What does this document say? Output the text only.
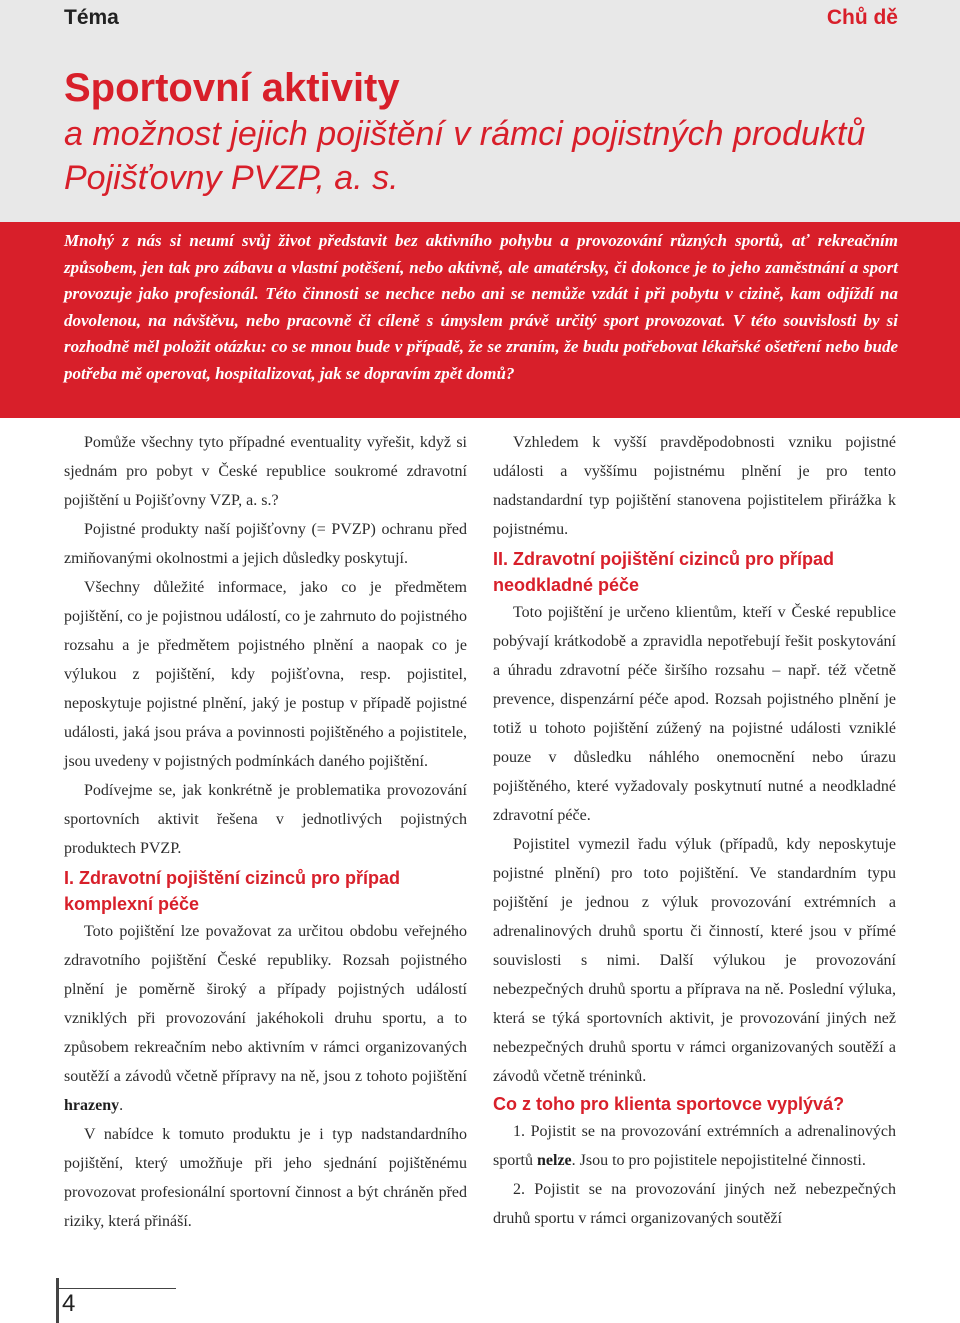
Téma	Chů dě
Sportovní aktivity
a možnost jejich pojištění v rámci pojistných produktů Pojišťovny PVZP, a. s.
Mnohý z nás si neumí svůj život představit bez aktivního pohybu a provozování různých sportů, ať rekreačním způsobem, jen tak pro zábavu a vlastní potěšení, nebo aktivně, ale amatérsky, či dokonce je to jeho zaměstnání a sport provozuje jako profesionál. Této činnosti se nechce nebo ani se nemůže vzdát i při pobytu v cizině, kam odjíždí na dovolenou, na návštěvu, nebo pracovně či cíleně s úmyslem právě určitý sport provozovat. V této souvislosti by si rozhodně měl položit otázku: co se mnou bude v případě, že se zraním, že budu potřebovat lékařské ošetření nebo bude potřeba mě operovat, hospitalizovat, jak se dopravím zpět domů?

Pomůže všechny tyto případné eventuality vyřešit, když si sjednám pro pobyt v České republice soukromé zdravotní pojištění u Pojišťovny VZP, a. s.?

Pojistné produkty naší pojišťovny (= PVZP) ochranu před zmiňovanými okolnostmi a jejich důsledky poskytují.

Všechny důležité informace, jako co je předmětem pojištění, co je pojistnou událostí, co je zahrnuto do pojistného rozsahu a je předmětem pojistného plnění a naopak co je výlukou z pojištění, kdy pojišťovna, resp. pojistitel, neposkytuje pojistné plnění, jaký je postup v případě pojistné události, jaká jsou práva a povinnosti pojištěného a pojistitele, jsou uvedeny v pojistných podmínkách daného pojištění.

Podívejme se, jak konkrétně je problematika provozování sportovních aktivit řešena v jednotlivých pojistných produktech PVZP.

I. Zdravotní pojištění cizinců pro případ komplexní péče

Toto pojištění lze považovat za určitou obdobu veřejného zdravotního pojištění České republiky. Rozsah pojistného plnění je poměrně široký a případy pojistných událostí vzniklých při provozování jakéhokoli druhu sportu, a to způsobem rekreačním nebo aktivním v rámci organizovaných soutěží a závodů včetně přípravy na ně, jsou z tohoto pojištění hrazeny.

V nabídce k tomuto produktu je i typ nadstandardního pojištění, který umožňuje při jeho sjednání pojištěnému provozovat profesionální sportovní činnost a být chráněn před riziky, která přináší.

Vzhledem k vyšší pravděpodobnosti vzniku pojistné události a vyššímu pojistnému plnění je pro tento nadstandardní typ pojištění stanovena pojistitelem přirážka k pojistnému.

II. Zdravotní pojištění cizinců pro případ neodkladné péče

Toto pojištění je určeno klientům, kteří v České republice pobývají krátkodobě a zpravidla nepotřebují řešit poskytování a úhradu zdravotní péče širšího rozsahu – např. též včetně prevence, dispenzární péče apod. Rozsah pojistného plnění je totiž u tohoto pojištění zúžený na pojistné události vzniklé pouze v důsledku náhlého onemocnění nebo úrazu pojištěného, které vyžadovaly poskytnutí nutné a neodkladné zdravotní péče.

Pojistitel vymezil řadu výluk (případů, kdy neposkytuje pojistné plnění) pro toto pojištění. Ve standardním typu pojištění je jednou z výluk provozování extrémních a adrenalinových druhů sportu či činností, které jsou v přímé souvislosti s nimi. Další výlukou je provozování nebezpečných druhů sportu a příprava na ně. Poslední výluka, která se týká sportovních aktivit, je provozování jiných než nebezpečných druhů sportu v rámci organizovaných soutěží a závodů včetně tréninků.

Co z toho pro klienta sportovce vyplývá?

1. Pojistit se na provozování extrémních a adrenalinových sportů nelze. Jsou to pro pojistitele nepojistitelné činnosti.

2. Pojistit se na provozování jiných než nebezpečných druhů sportu v rámci organizovaných soutěží

4
